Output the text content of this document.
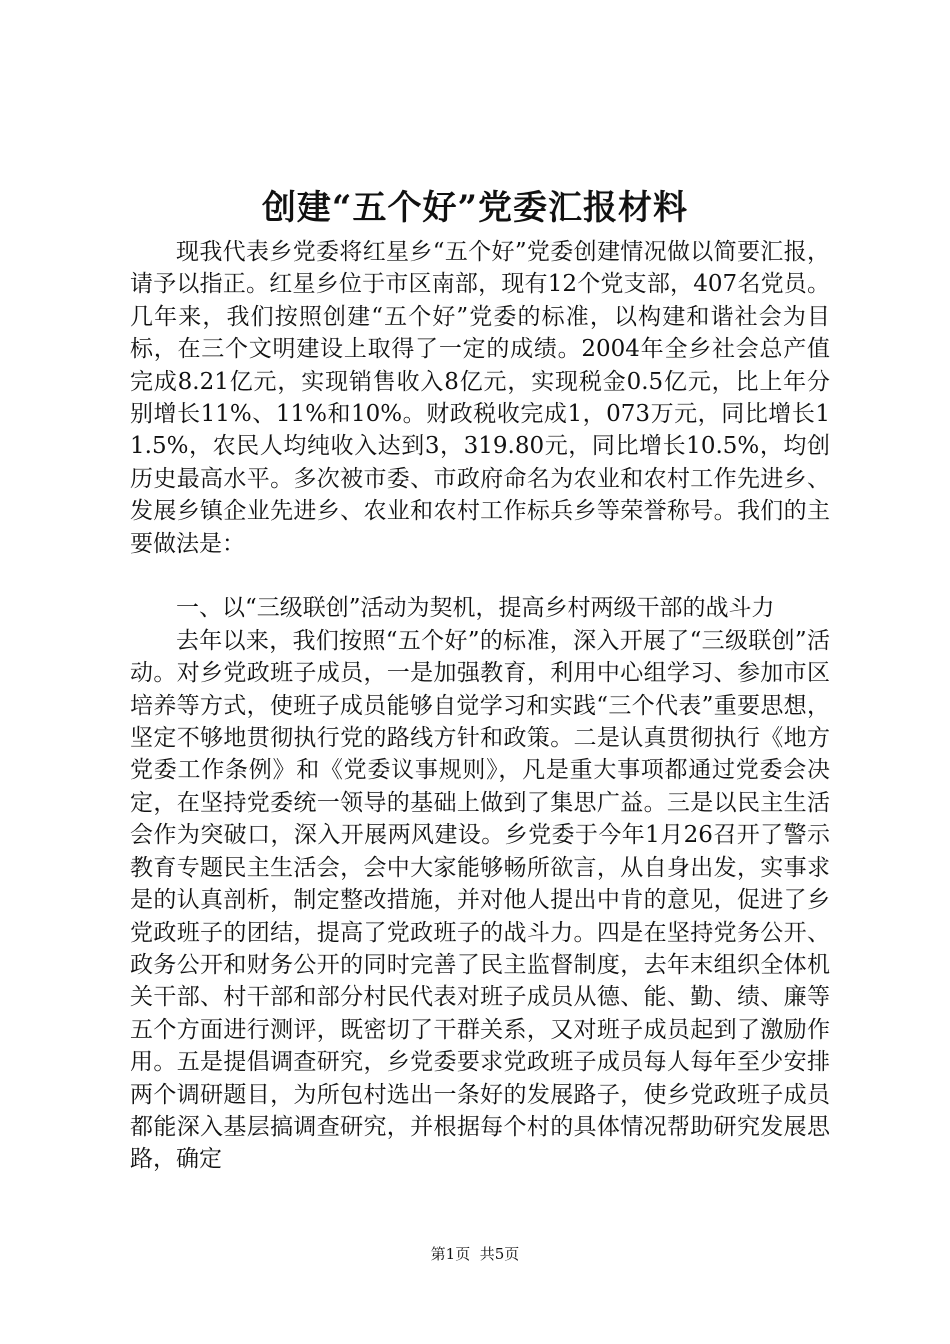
创建“五个好”党委汇报材料

现我代表乡党委将红星乡“五个好”党委创建情况做以简要汇报，请予以指正。红星乡位于市区南部，现有12个党支部，407名党员。几年来，我们按照创建“五个好”党委的标准，以构建和谐社会为目标，在三个文明建设上取得了一定的成绩。2004年全乡社会总产值完成8.21亿元，实现销售收入8亿元，实现税金0.5亿元，比上年分别增长11%、11%和10%。财政税收完成1，073万元，同比增长11.5%，农民人均纯收入达到3，319.80元，同比增长10.5%，均创历史最高水平。多次被市委、市政府命名为农业和农村工作先进乡、发展乡镇企业先进乡、农业和农村工作标兵乡等荣誉称号。我们的主要做法是：

一、以“三级联创”活动为契机，提高乡村两级干部的战斗力

去年以来，我们按照“五个好”的标准，深入开展了“三级联创”活动。对乡党政班子成员，一是加强教育，利用中心组学习、参加市区培养等方式，使班子成员能够自觉学习和实践“三个代表”重要思想，坚定不够地贯彻执行党的路线方针和政策。二是认真贯彻执行《地方党委工作条例》和《党委议事规则》，凡是重大事项都通过党委会决定，在坚持党委统一领导的基础上做到了集思广益。三是以民主生活会作为突破口，深入开展两风建设。乡党委于今年1月26召开了警示教育专题民主生活会，会中大家能够畅所欲言，从自身出发，实事求是的认真剖析，制定整改措施，并对他人提出中肯的意见，促进了乡党政班子的团结，提高了党政班子的战斗力。四是在坚持党务公开、政务公开和财务公开的同时完善了民主监督制度，去年末组织全体机关干部、村干部和部分村民代表对班子成员从德、能、勤、绩、廉等五个方面进行测评，既密切了干群关系，又对班子成员起到了激励作用。五是提倡调查研究，乡党委要求党政班子成员每人每年至少安排两个调研题目，为所包村选出一条好的发展路子，使乡党政班子成员都能深入基层搞调查研究，并根据每个村的具体情况帮助研究发展思路，确定

第1页 共5页
